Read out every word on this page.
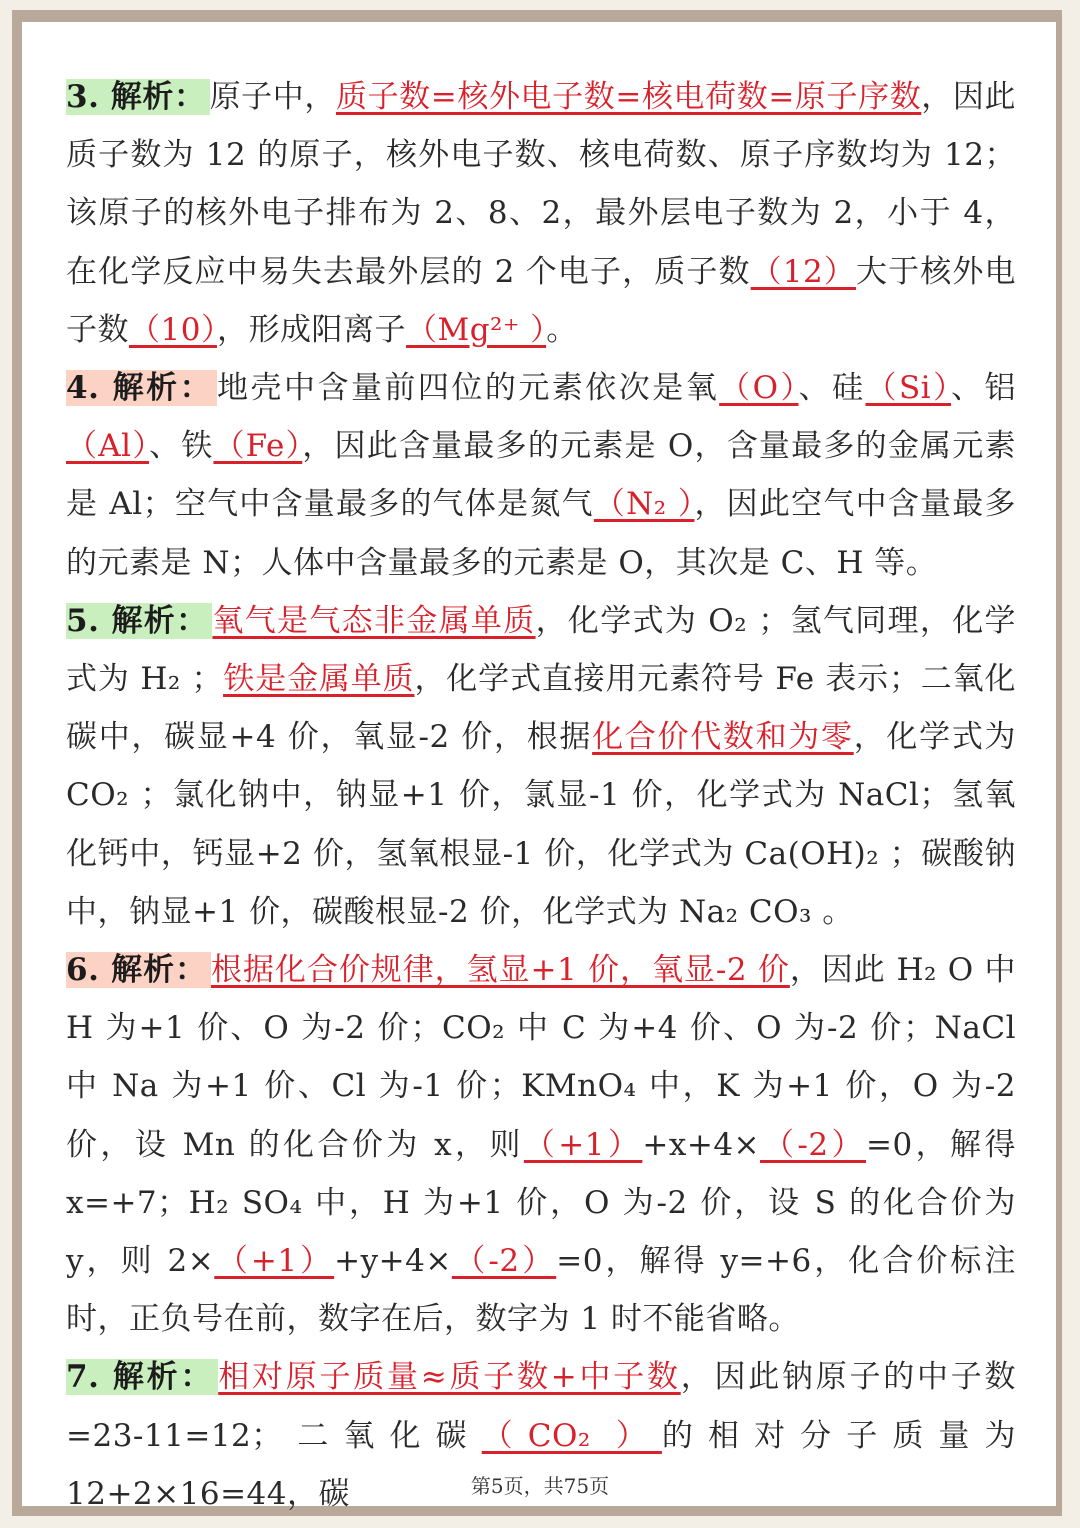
3. 解析： 原子中，质子数=核外电子数=核电荷数=原子序数，因此质子数为 12 的原子，核外电子数、核电荷数、原子序数均为 12；该原子的核外电子排布为 2、8、2，最外层电子数为 2，小于 4，在化学反应中易失去最外层的 2 个电子，质子数（12）大于核外电子数（10），形成阳离子（Mg²⁺ ）。

4. 解析： 地壳中含量前四位的元素依次是氧（O）、硅（Si）、铝（Al）、铁（Fe），因此含量最多的元素是 O，含量最多的金属元素是 Al；空气中含量最多的气体是氮气（N₂ ），因此空气中含量最多的元素是 N；人体中含量最多的元素是 O，其次是 C、H 等。

5. 解析： 氧气是气态非金属单质，化学式为 O₂ ；氢气同理，化学式为 H₂ ；铁是金属单质，化学式直接用元素符号 Fe 表示；二氧化碳中，碳显+4 价，氧显-2 价，根据化合价代数和为零，化学式为 CO₂ ；氯化钠中，钠显+1 价，氯显-1 价，化学式为 NaCl；氢氧化钙中，钙显+2 价，氢氧根显-1 价，化学式为 Ca(OH)₂ ；碳酸钠中，钠显+1 价，碳酸根显-2 价，化学式为 Na₂ CO₃ 。

6. 解析： 根据化合价规律，氢显+1 价，氧显-2 价，因此 H₂ O 中 H 为+1 价、O 为-2 价；CO₂ 中 C 为+4 价、O 为-2 价；NaCl 中 Na 为+1 价、Cl 为-1 价；KMnO₄ 中，K 为+1 价，O 为-2 价，设 Mn 的化合价为 x，则（+1）+x+4×（-2）=0，解得 x=+7；H₂ SO₄ 中，H 为+1 价，O 为-2 价，设 S 的化合价为 y，则 2×（+1）+y+4×（-2）=0，解得 y=+6，化合价标注时，正负号在前，数字在后，数字为 1 时不能省略。

7. 解析： 相对原子质量≈质子数+中子数，因此钠原子的中子数=23-11=12；二氧化碳（CO₂ ）的相对分子质量为 12+2×16=44，碳	第5页，共75页
